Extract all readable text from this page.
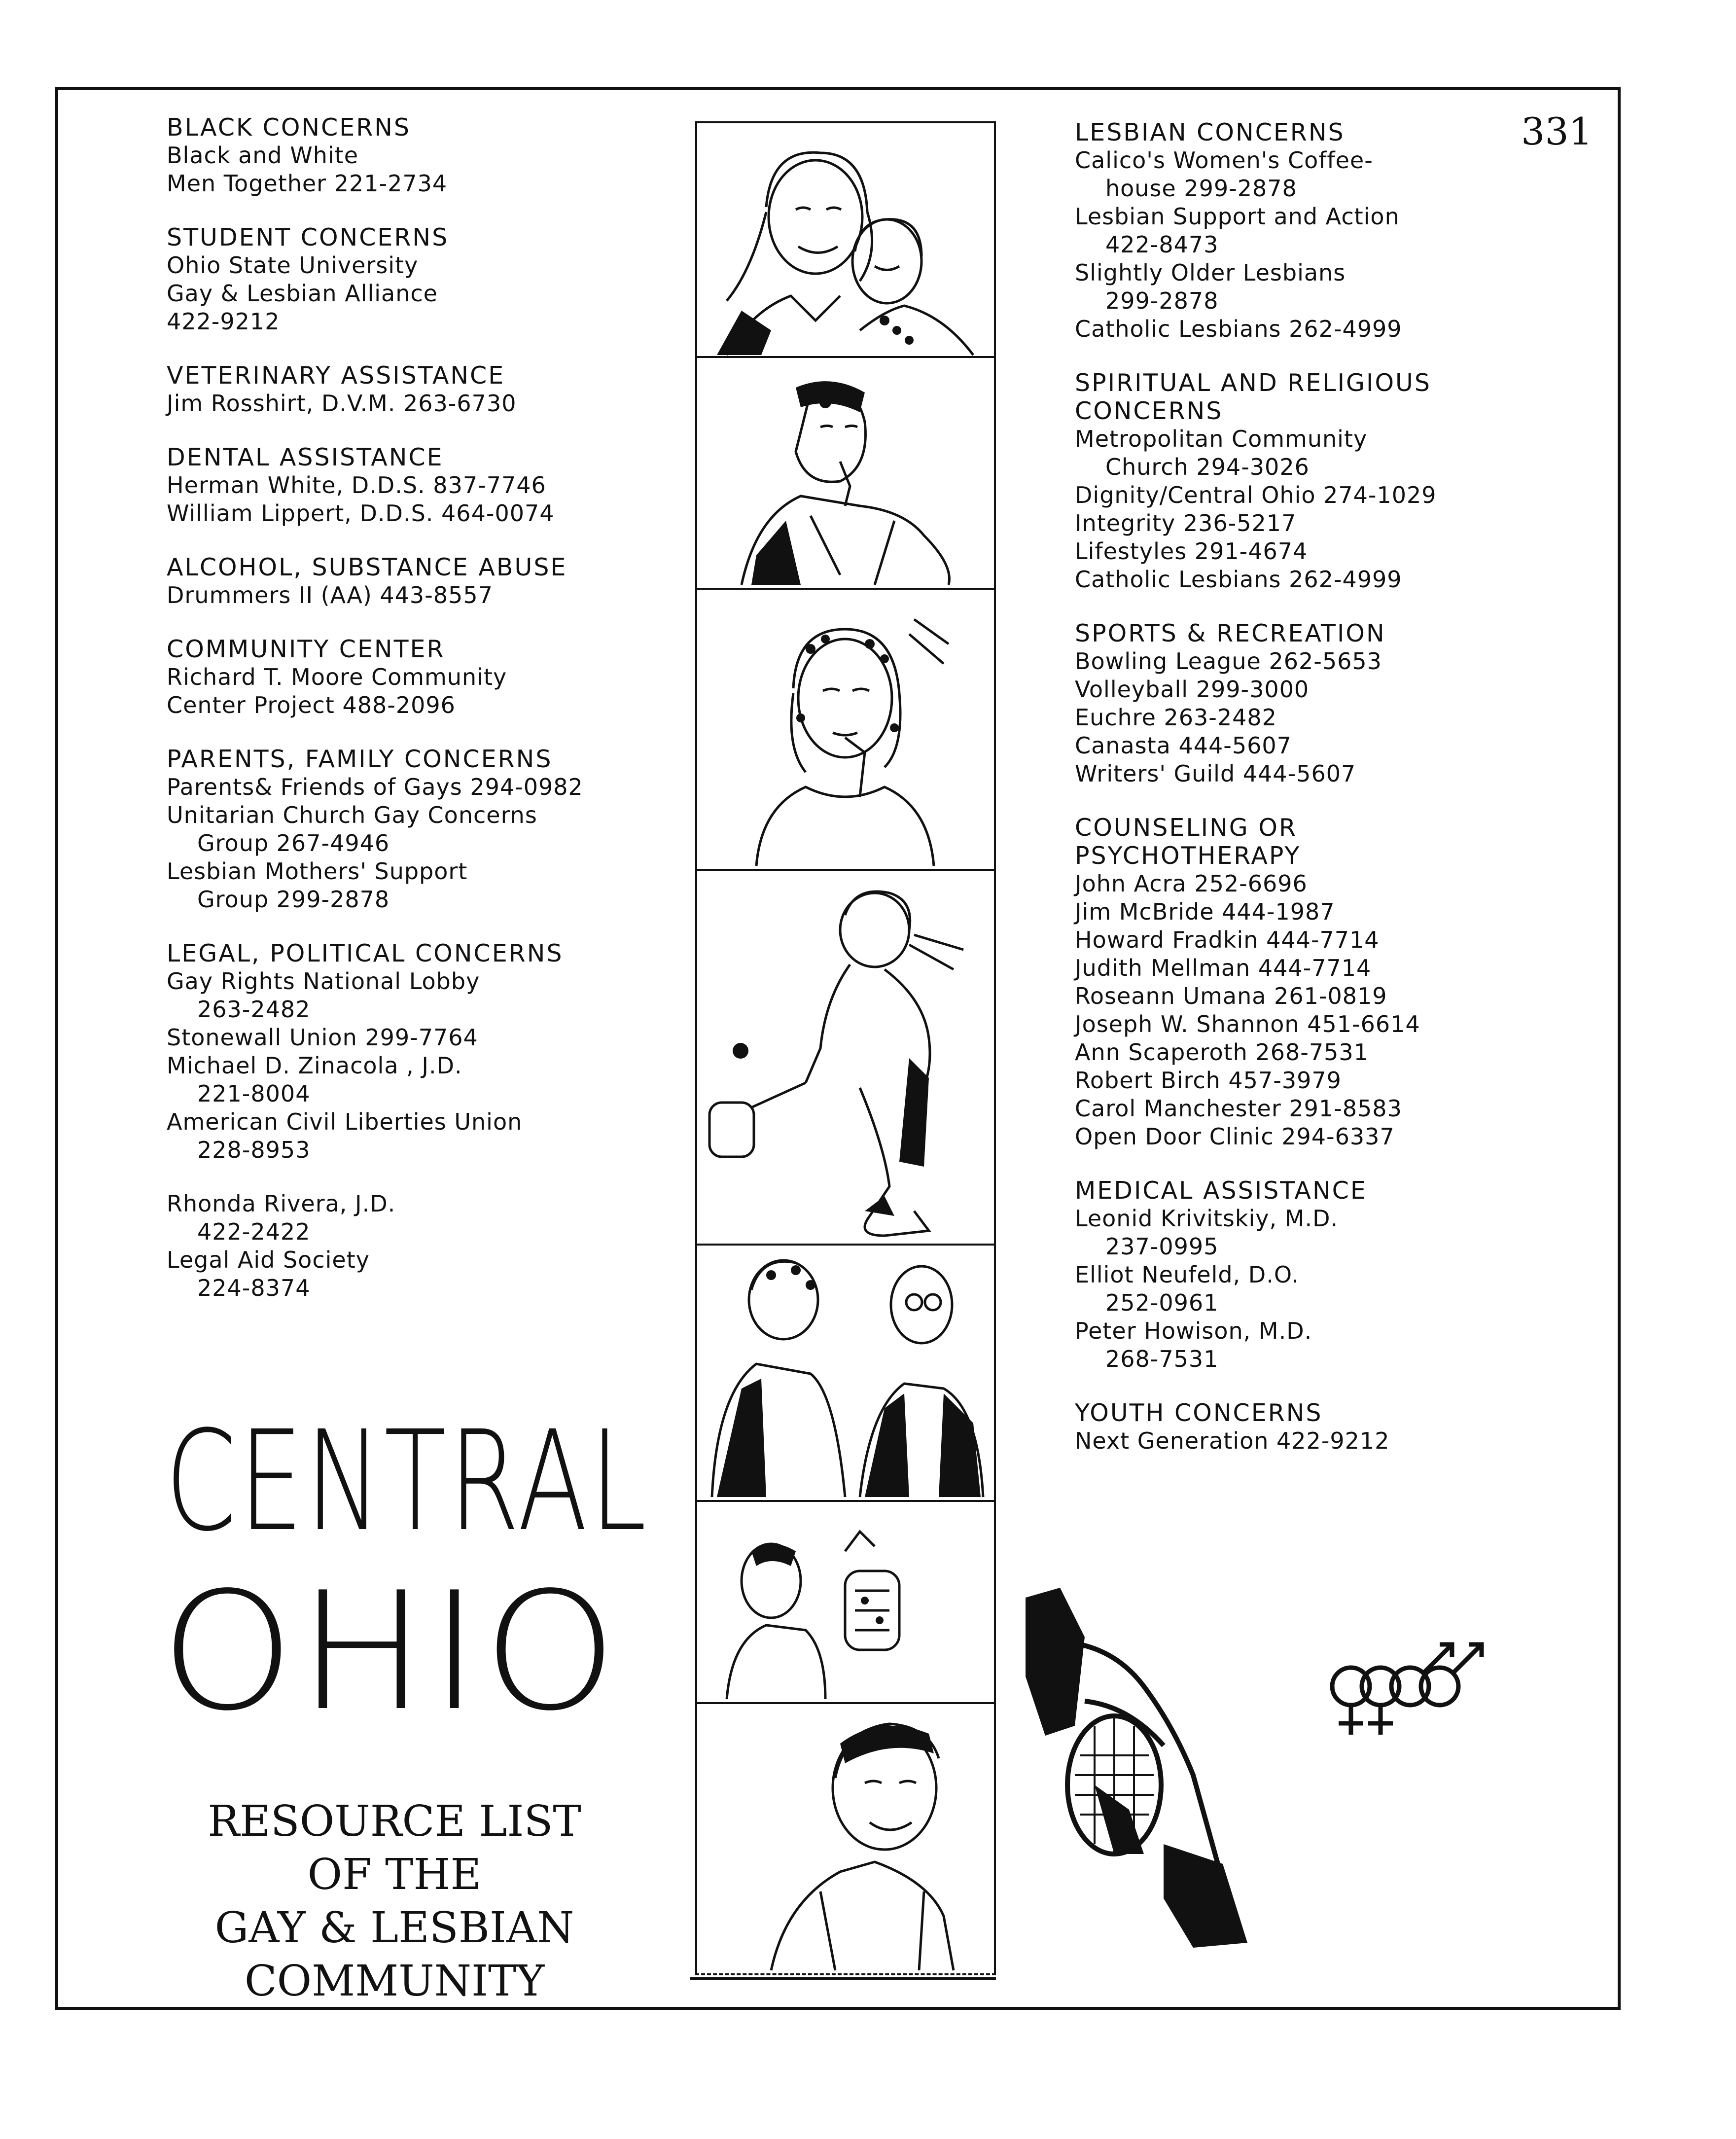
331
BLACK CONCERNS
Black and White
Men Together 221-2734
STUDENT CONCERNS
Ohio State University
Gay & Lesbian Alliance
422-9212
VETERINARY ASSISTANCE
Jim Rosshirt, D.V.M. 263-6730
DENTAL ASSISTANCE
Herman White, D.D.S. 837-7746
William Lippert, D.D.S. 464-0074
ALCOHOL, SUBSTANCE ABUSE
Drummers II (AA) 443-8557
COMMUNITY CENTER
Richard T. Moore Community
Center Project 488-2096
PARENTS, FAMILY CONCERNS
Parents& Friends of Gays 294-0982
Unitarian Church Gay Concerns
Group 267-4946
Lesbian Mothers' Support
Group 299-2878
LEGAL, POLITICAL CONCERNS
Gay Rights National Lobby
263-2482
Stonewall Union 299-7764
Michael D. Zinacola , J.D.
221-8004
American Civil Liberties Union
228-8953
Rhonda Rivera, J.D.
422-2422
Legal Aid Society
224-8374
LESBIAN CONCERNS
Calico's Women's Coffee-
house 299-2878
Lesbian Support and Action
422-8473
Slightly Older Lesbians
299-2878
Catholic Lesbians 262-4999
SPIRITUAL AND RELIGIOUS CONCERNS
Metropolitan Community
Church 294-3026
Dignity/Central Ohio 274-1029
Integrity 236-5217
Lifestyles 291-4674
Catholic Lesbians 262-4999
SPORTS & RECREATION
Bowling League 262-5653
Volleyball 299-3000
Euchre 263-2482
Canasta 444-5607
Writers' Guild 444-5607
COUNSELING OR PSYCHOTHERAPY
John Acra 252-6696
Jim McBride 444-1987
Howard Fradkin 444-7714
Judith Mellman 444-7714
Roseann Umana 261-0819
Joseph W. Shannon 451-6614
Ann Scaperoth 268-7531
Robert Birch 457-3979
Carol Manchester 291-8583
Open Door Clinic 294-6337
MEDICAL ASSISTANCE
Leonid Krivitskiy, M.D.
237-0995
Elliot Neufeld, D.O.
252-0961
Peter Howison, M.D.
268-7531
YOUTH CONCERNS
Next Generation 422-9212
CENTRAL
OHIO
RESOURCE LIST
OF THE
GAY & LESBIAN
COMMUNITY
